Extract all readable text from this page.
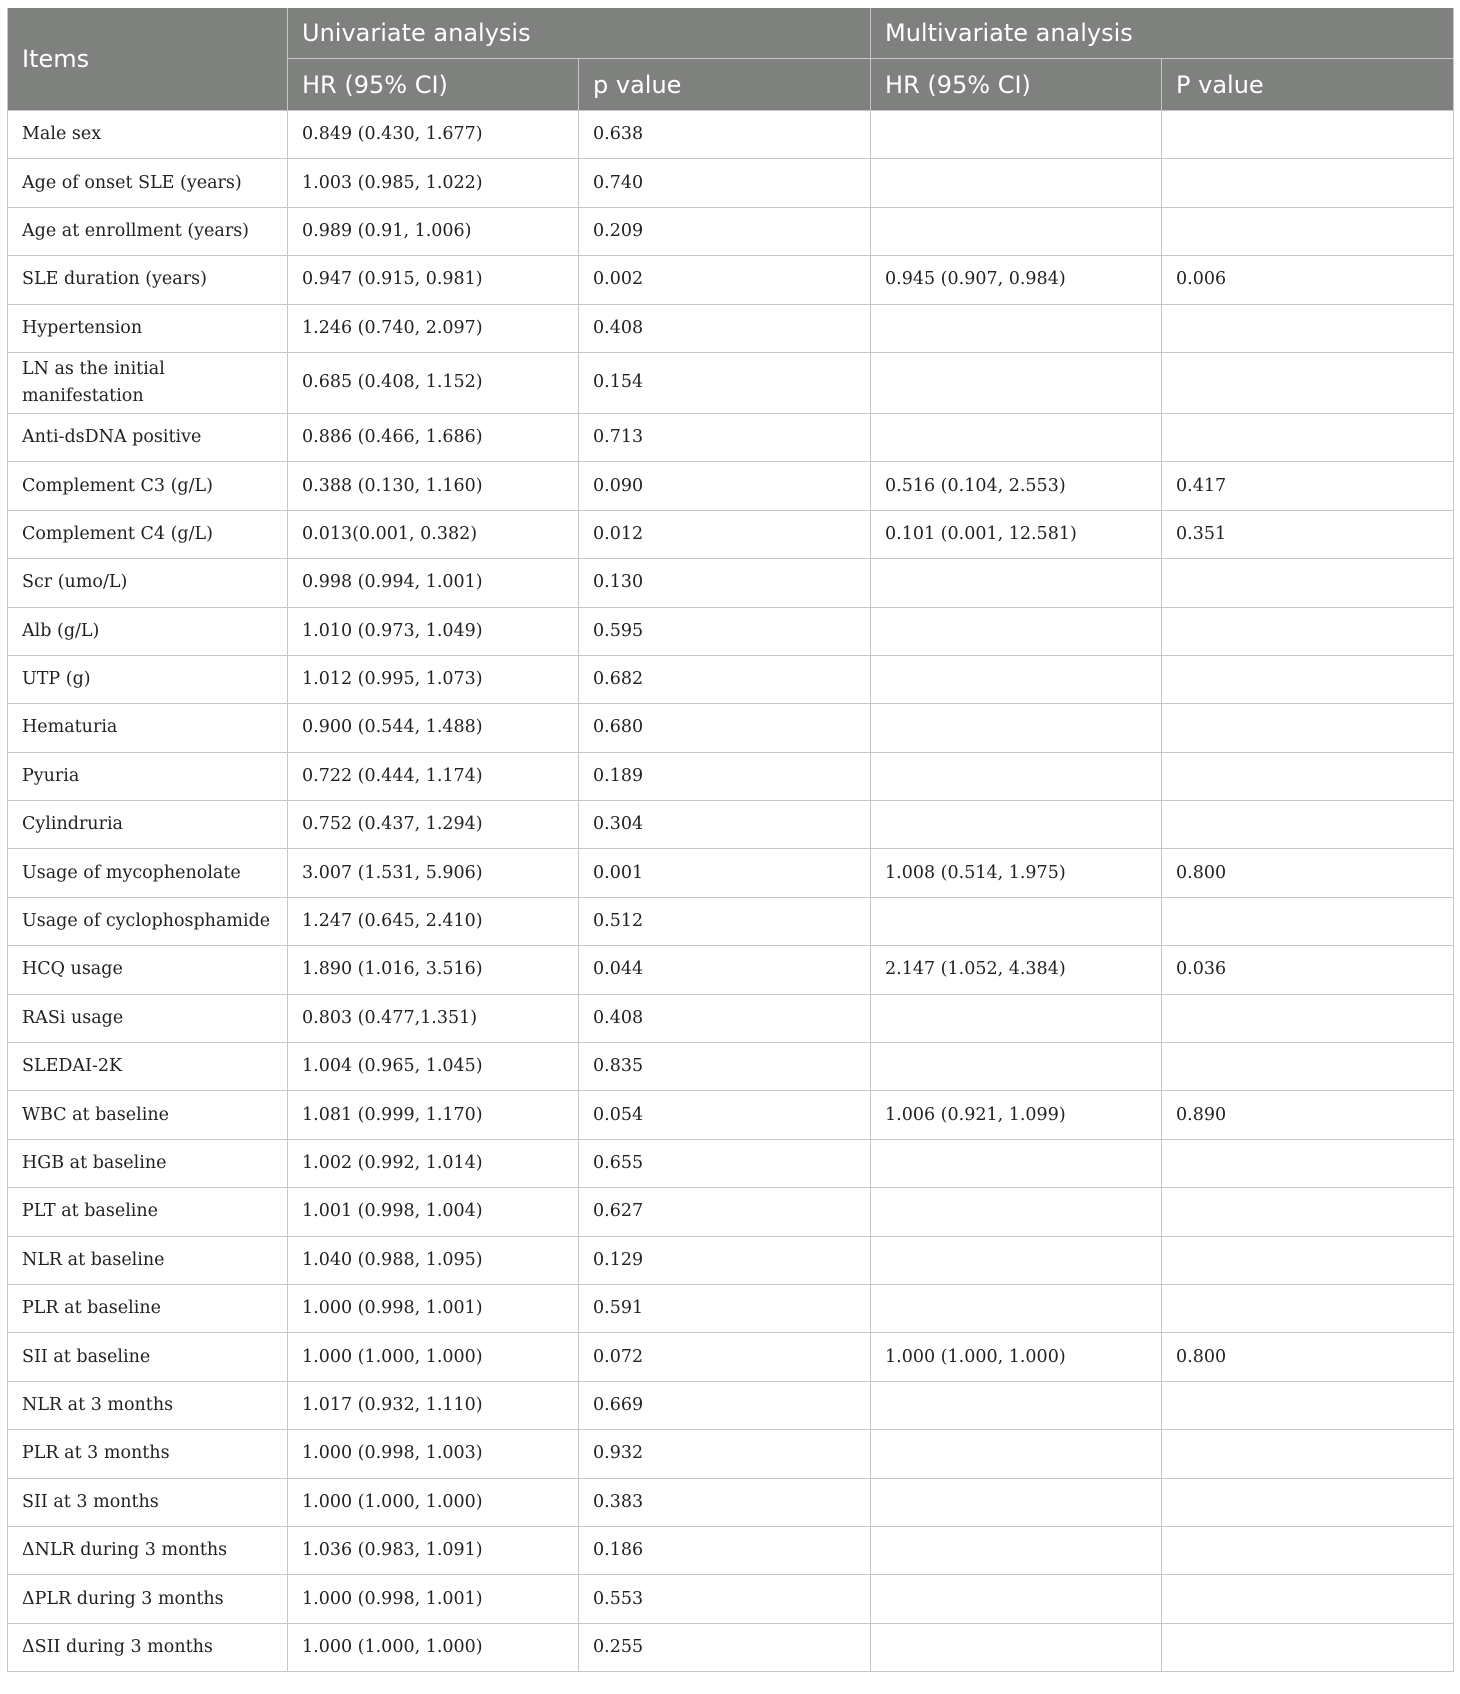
Items	Univariate analysis		Multivariate analysis	
	HR (95% CI)	p value	HR (95% CI)	P value
Male sex	0.849 (0.430, 1.677)	0.638		
Age of onset SLE (years)	1.003 (0.985, 1.022)	0.740		
Age at enrollment (years)	0.989 (0.91, 1.006)	0.209		
SLE duration (years)	0.947 (0.915, 0.981)	0.002	0.945 (0.907, 0.984)	0.006
Hypertension	1.246 (0.740, 2.097)	0.408		
LN as the initial manifestation	0.685 (0.408, 1.152)	0.154		
Anti-dsDNA positive	0.886 (0.466, 1.686)	0.713		
Complement C3 (g/L)	0.388 (0.130, 1.160)	0.090	0.516 (0.104, 2.553)	0.417
Complement C4 (g/L)	0.013(0.001, 0.382)	0.012	0.101 (0.001, 12.581)	0.351
Scr (umo/L)	0.998 (0.994, 1.001)	0.130		
Alb (g/L)	1.010 (0.973, 1.049)	0.595		
UTP (g)	1.012 (0.995, 1.073)	0.682		
Hematuria	0.900 (0.544, 1.488)	0.680		
Pyuria	0.722 (0.444, 1.174)	0.189		
Cylindruria	0.752 (0.437, 1.294)	0.304		
Usage of mycophenolate	3.007 (1.531, 5.906)	0.001	1.008 (0.514, 1.975)	0.800
Usage of cyclophosphamide	1.247 (0.645, 2.410)	0.512		
HCQ usage	1.890 (1.016, 3.516)	0.044	2.147 (1.052, 4.384)	0.036
RASi usage	0.803 (0.477,1.351)	0.408		
SLEDAI-2K	1.004 (0.965, 1.045)	0.835		
WBC at baseline	1.081 (0.999, 1.170)	0.054	1.006 (0.921, 1.099)	0.890
HGB at baseline	1.002 (0.992, 1.014)	0.655		
PLT at baseline	1.001 (0.998, 1.004)	0.627		
NLR at baseline	1.040 (0.988, 1.095)	0.129		
PLR at baseline	1.000 (0.998, 1.001)	0.591		
SII at baseline	1.000 (1.000, 1.000)	0.072	1.000 (1.000, 1.000)	0.800
NLR at 3 months	1.017 (0.932, 1.110)	0.669		
PLR at 3 months	1.000 (0.998, 1.003)	0.932		
SII at 3 months	1.000 (1.000, 1.000)	0.383		
ΔNLR during 3 months	1.036 (0.983, 1.091)	0.186		
ΔPLR during 3 months	1.000 (0.998, 1.001)	0.553		
ΔSII during 3 months	1.000 (1.000, 1.000)	0.255		
